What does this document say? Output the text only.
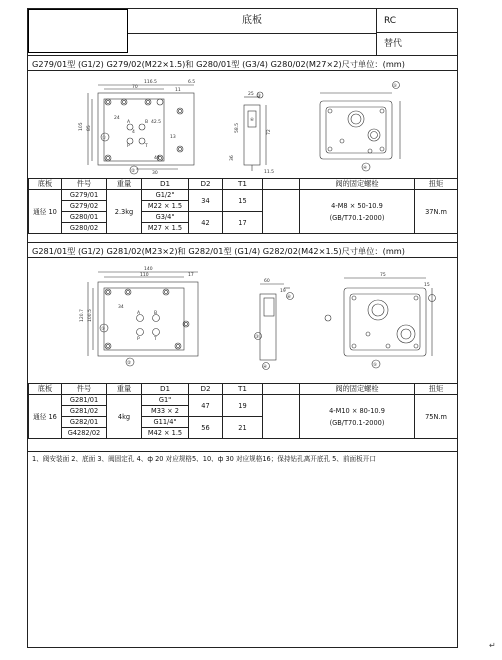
底板	RC
替代
G279/01型 (G1/2) G279/02(M22×1.5)和 G280/01型 (G3/4) G280/02(M27×2)尺寸单位：(mm)
116.5
70
11
6.5
105 85
42.5
4
24
44
13
30
25
72
58.5
11.5
36
①
②
③
④
⑤
⑥
A	B
P	T
底板	件号	重量	D1	D2	T1		阀的固定螺栓	扭矩
通径 10	G279/01	2.3kg	G1/2"	34	15		4-M8 × 50-10.9
(GB/T70.1-2000)	37N.m
	G279/02		M22 × 1.5					
	G280/01		G3/4"	42	17			
	G280/02		M27 × 1.5					
G281/01型 (G1/2) G281/02(M23×2)和 G282/01型 (G1/4) G282/02(M42×1.5)尺寸单位：(mm)
140
110	17
120.7 100.5
34
60
19
75
15
①
②
③
④	⑤
⑥
A	B
P	T
底板	件号	重量	D1	D2	T1		阀的固定螺栓	扭矩
通径 16	G281/01	4kg	G1"	47	19		4-M10 × 80-10.9
(GB/T70.1-2000)	75N.m
	G281/02		M33 × 2					
	G282/01		G11/4"	56	21			
	G4282/02		M42 × 1.5					
1、阀安装面 2、底面 3、阀固定孔 4、ф 20 对应规格5、10、ф 30 对应规格16；保持钻孔离开底孔 5、前面板开口
↵
